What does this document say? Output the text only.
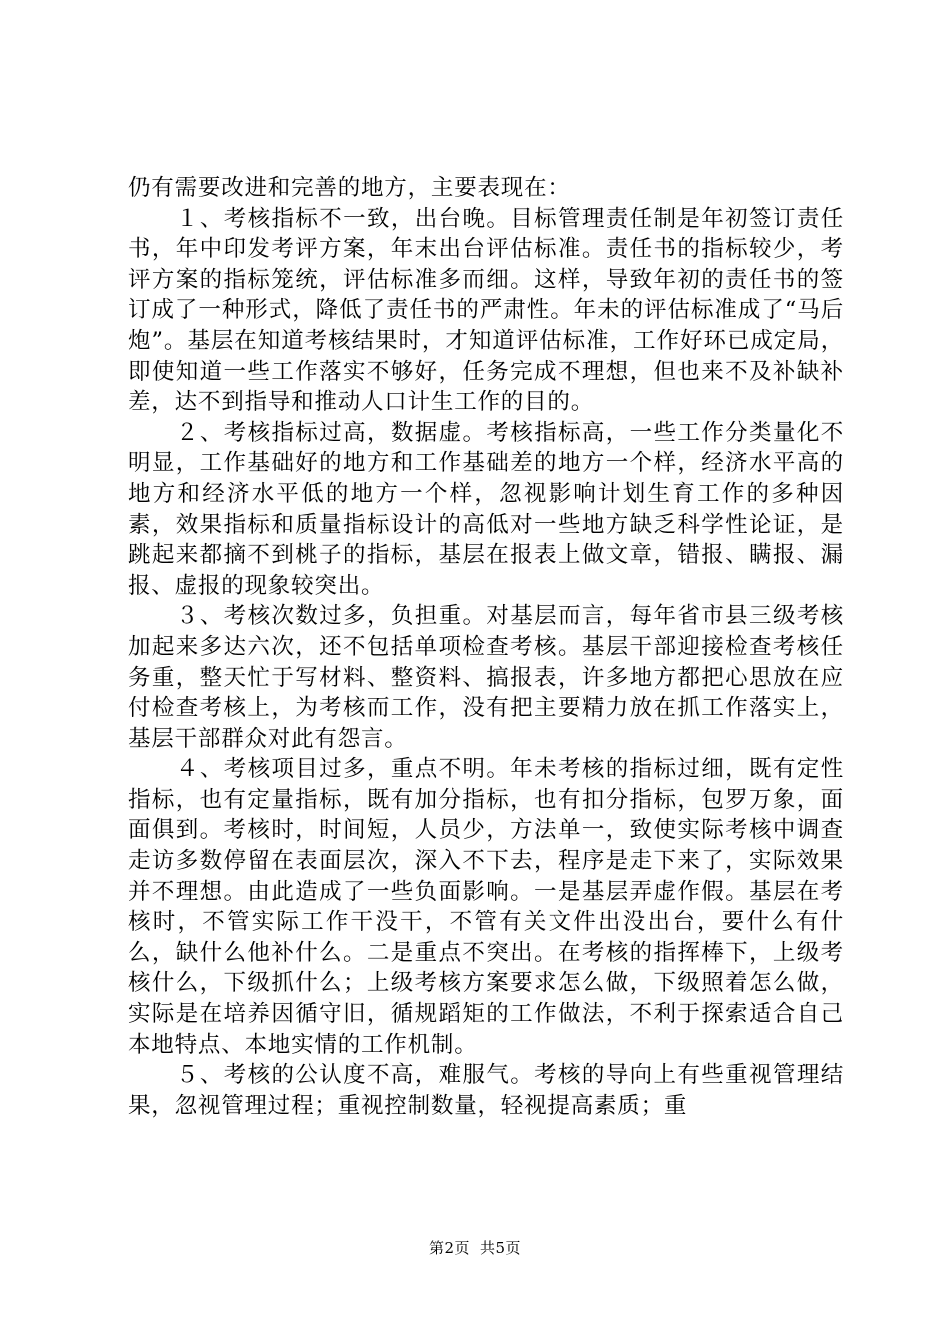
仍有需要改进和完善的地方，主要表现在：

１、考核指标不一致，出台晚。目标管理责任制是年初签订责任书，年中印发考评方案，年末出台评估标准。责任书的指标较少，考评方案的指标笼统，评估标准多而细。这样，导致年初的责任书的签订成了一种形式，降低了责任书的严肃性。年未的评估标准成了“马后炮”。基层在知道考核结果时，才知道评估标准，工作好环已成定局，即使知道一些工作落实不够好，任务完成不理想，但也来不及补缺补差，达不到指导和推动人口计生工作的目的。

２、考核指标过高，数据虚。考核指标高，一些工作分类量化不明显，工作基础好的地方和工作基础差的地方一个样，经济水平高的地方和经济水平低的地方一个样，忽视影响计划生育工作的多种因素，效果指标和质量指标设计的高低对一些地方缺乏科学性论证，是跳起来都摘不到桃子的指标，基层在报表上做文章，错报、瞒报、漏报、虚报的现象较突出。

３、考核次数过多，负担重。对基层而言，每年省市县三级考核加起来多达六次，还不包括单项检查考核。基层干部迎接检查考核任务重，整天忙于写材料、整资料、搞报表，许多地方都把心思放在应付检查考核上，为考核而工作，没有把主要精力放在抓工作落实上，基层干部群众对此有怨言。

４、考核项目过多，重点不明。年未考核的指标过细，既有定性指标，也有定量指标，既有加分指标，也有扣分指标，包罗万象，面面俱到。考核时，时间短，人员少，方法单一，致使实际考核中调查走访多数停留在表面层次，深入不下去，程序是走下来了，实际效果并不理想。由此造成了一些负面影响。一是基层弄虚作假。基层在考核时，不管实际工作干没干，不管有关文件出没出台，要什么有什么，缺什么他补什么。二是重点不突出。在考核的指挥棒下，上级考核什么，下级抓什么；上级考核方案要求怎么做，下级照着怎么做，实际是在培养因循守旧，循规蹈矩的工作做法，不利于探索适合自己本地特点、本地实情的工作机制。

５、考核的公认度不高，难服气。考核的导向上有些重视管理结果，忽视管理过程；重视控制数量，轻视提高素质；重

第2页 共5页
